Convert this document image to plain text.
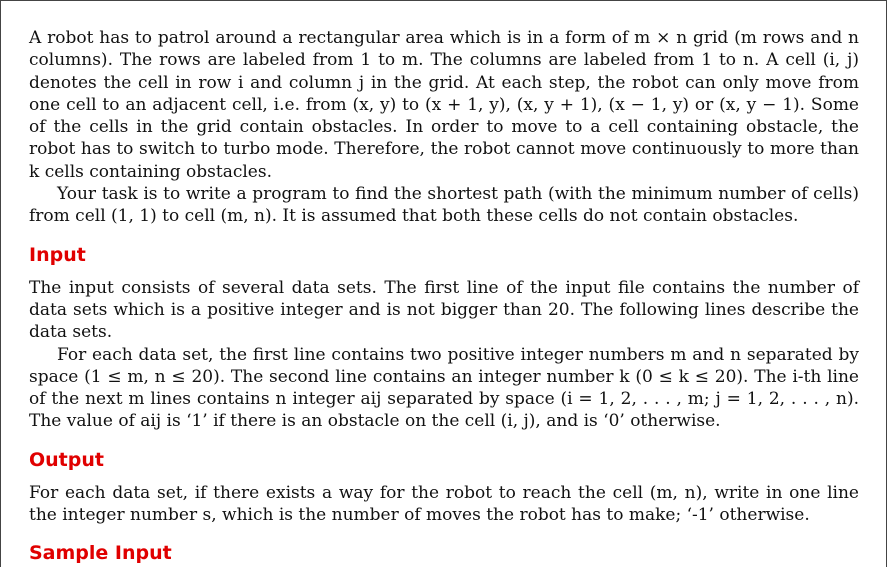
A robot has to patrol around a rectangular area which is in a form of m × n grid (m rows and n columns). The rows are labeled from 1 to m. The columns are labeled from 1 to n. A cell (i, j) denotes the cell in row i and column j in the grid. At each step, the robot can only move from one cell to an adjacent cell, i.e. from (x, y) to (x + 1, y), (x, y + 1), (x − 1, y) or (x, y − 1). Some of the cells in the grid contain obstacles. In order to move to a cell containing obstacle, the robot has to switch to turbo mode. Therefore, the robot cannot move continuously to more than k cells containing obstacles.

Your task is to write a program to find the shortest path (with the minimum number of cells) from cell (1, 1) to cell (m, n). It is assumed that both these cells do not contain obstacles.

Input

The input consists of several data sets. The first line of the input file contains the number of data sets which is a positive integer and is not bigger than 20. The following lines describe the data sets.

For each data set, the first line contains two positive integer numbers m and n separated by space (1 ≤ m, n ≤ 20). The second line contains an integer number k (0 ≤ k ≤ 20). The i-th line of the next m lines contains n integer aij separated by space (i = 1, 2, . . . , m; j = 1, 2, . . . , n). The value of aij is ‘1’ if there is an obstacle on the cell (i, j), and is ‘0’ otherwise.

Output

For each data set, if there exists a way for the robot to reach the cell (m, n), write in one line the integer number s, which is the number of moves the robot has to make; ‘-1’ otherwise.

Sample Input
